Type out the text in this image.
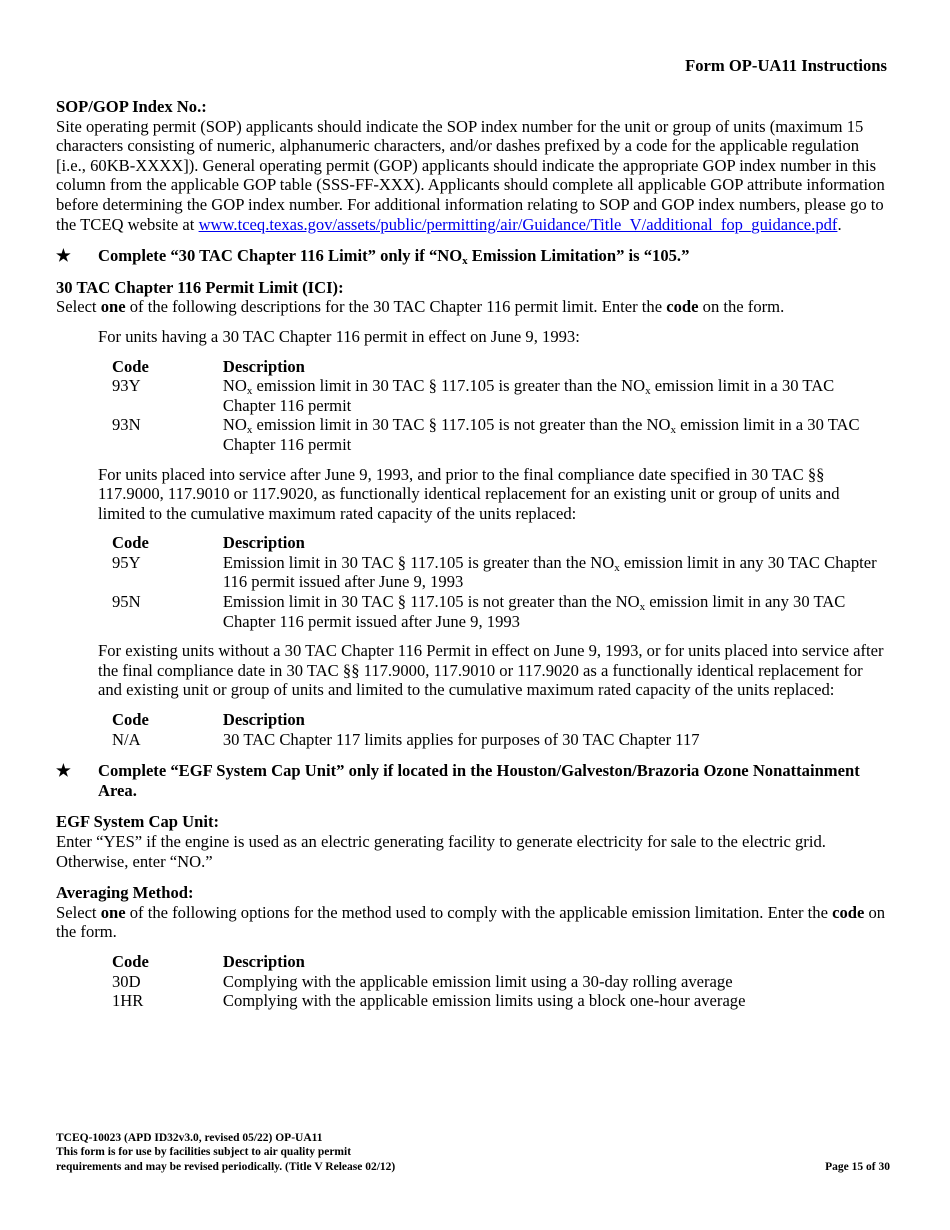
Form OP-UA11 Instructions
SOP/GOP Index No.:

Site operating permit (SOP) applicants should indicate the SOP index number for the unit or group of units (maximum 15 characters consisting of numeric, alphanumeric characters, and/or dashes prefixed by a code for the applicable regulation [i.e., 60KB-XXXX]). General operating permit (GOP) applicants should indicate the appropriate GOP index number in this column from the applicable GOP table (SSS-FF-XXX). Applicants should complete all applicable GOP attribute information before determining the GOP index number. For additional information relating to SOP and GOP index numbers, please go to the TCEQ website at www.tceq.texas.gov/assets/public/permitting/air/Guidance/Title_V/additional_fop_guidance.pdf.

★	Complete “30 TAC Chapter 116 Limit” only if “$NO_x$ Emission Limitation” is “105.”
30 TAC Chapter 116 Permit Limit (ICI):

Select one of the following descriptions for the 30 TAC Chapter 116 permit limit. Enter the code on the form.

For units having a 30 TAC Chapter 116 permit in effect on June 9, 1993:

Code	Description
93Y	$NO_x$ emission limit in 30 TAC § 117.105 is greater than the $NO_x$ emission limit in a 30 TAC Chapter 116 permit
93N	$NO_x$ emission limit in 30 TAC § 117.105 is not greater than the $NO_x$ emission limit in a 30 TAC Chapter 116 permit

For units placed into service after June 9, 1993, and prior to the final compliance date specified in 30 TAC §§ 117.9000, 117.9010 or 117.9020, as functionally identical replacement for an existing unit or group of units and limited to the cumulative maximum rated capacity of the units replaced:

Code	Description
95Y	Emission limit in 30 TAC § 117.105 is greater than the $NO_x$ emission limit in any 30 TAC Chapter 116 permit issued after June 9, 1993
95N	Emission limit in 30 TAC § 117.105 is not greater than the $NO_x$ emission limit in any 30 TAC Chapter 116 permit issued after June 9, 1993

For existing units without a 30 TAC Chapter 116 Permit in effect on June 9, 1993, or for units placed into service after the final compliance date in 30 TAC §§ 117.9000, 117.9010 or 117.9020 as a functionally identical replacement for and existing unit or group of units and limited to the cumulative maximum rated capacity of the units replaced:

Code	Description
N/A	30 TAC Chapter 117 limits applies for purposes of 30 TAC Chapter 117
★	Complete “EGF System Cap Unit” only if located in the Houston/Galveston/Brazoria Ozone Nonattainment Area.
EGF System Cap Unit:

Enter “YES” if the engine is used as an electric generating facility to generate electricity for sale to the electric grid. Otherwise, enter “NO.”

Averaging Method:

Select one of the following options for the method used to comply with the applicable emission limitation. Enter the code on the form.

Code	Description
30D	Complying with the applicable emission limit using a 30-day rolling average
1HR	Complying with the applicable emission limits using a block one-hour average
TCEQ-10023 (APD ID32v3.0, revised 05/22) OP-UA11
This form is for use by facilities subject to air quality permit
requirements and may be revised periodically. (Title V Release 02/12)	Page 15 of 30
